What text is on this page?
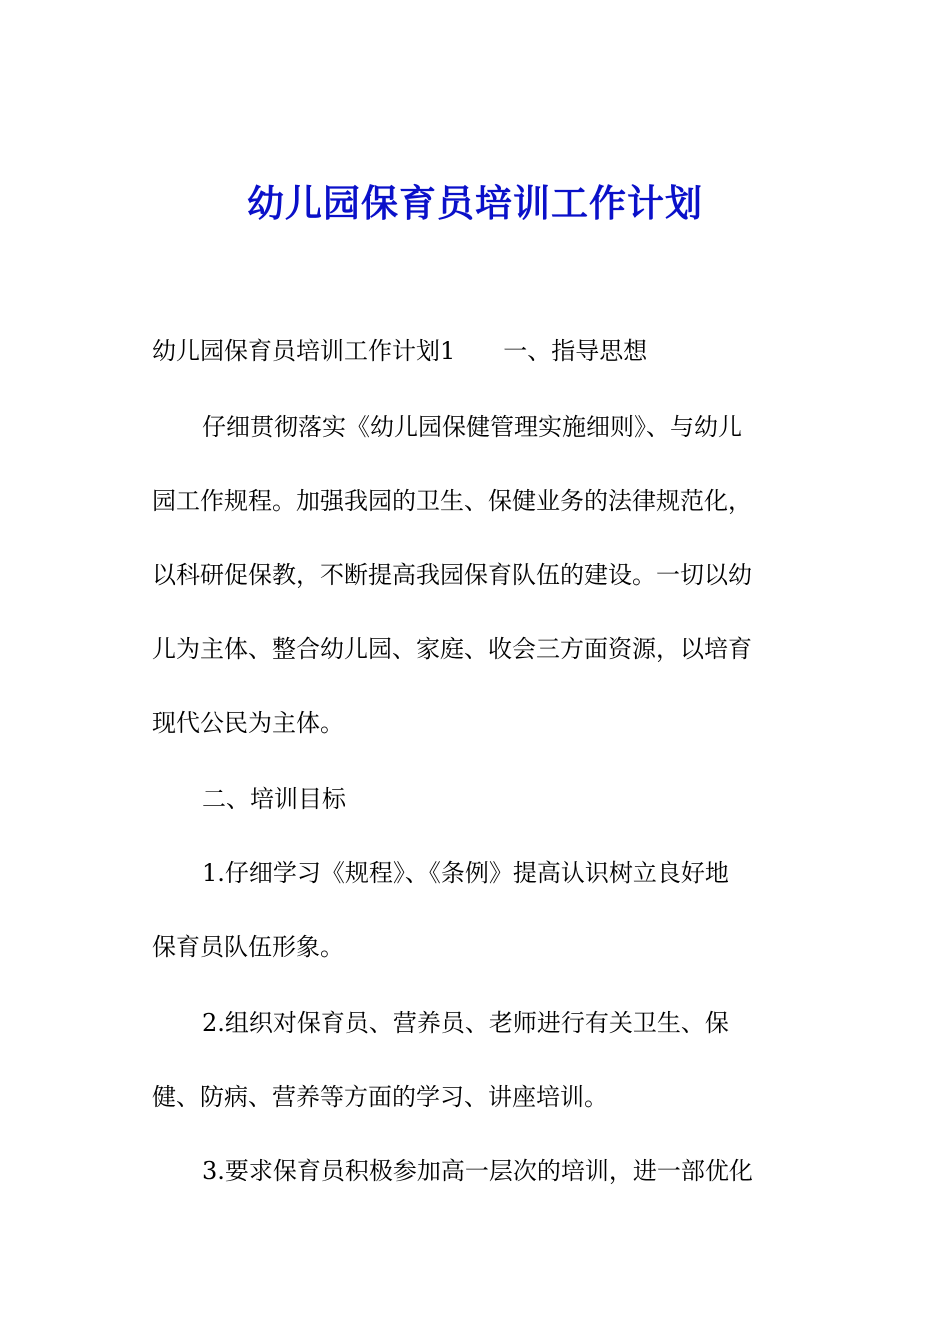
幼儿园保育员培训工作计划
幼儿园保育员培训工作计划1 一、指导思想
仔细贯彻落实《幼儿园保健管理实施细则》、与幼儿
园工作规程。加强我园的卫生、保健业务的法律规范化，
以科研促保教，不断提高我园保育队伍的建设。一切以幼
儿为主体、整合幼儿园、家庭、收会三方面资源，以培育
现代公民为主体。
二、培训目标
1.仔细学习《规程》、《条例》提高认识树立良好地
保育员队伍形象。
2.组织对保育员、营养员、老师进行有关卫生、保
健、防病、营养等方面的学习、讲座培训。
3.要求保育员积极参加高一层次的培训，进一部优化
